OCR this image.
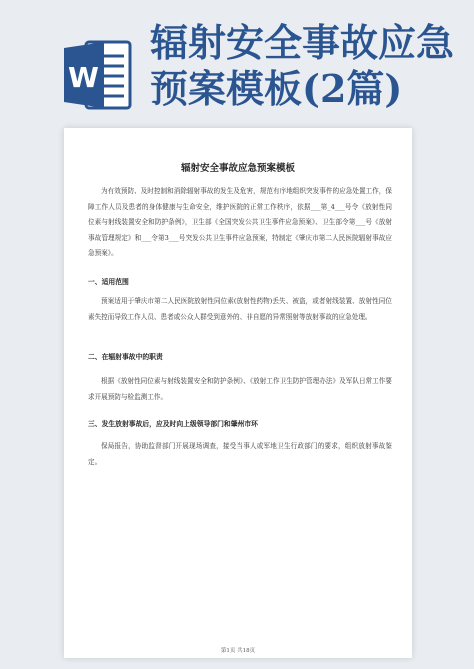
W
辐射安全事故应急
预案模板(2篇)
辐射安全事故应急预案模板

为有效预防、及时控制和消除辐射事故的发生及危害，规范有序地组织突发事件的应急处置工作，保障工作人员及患者的身体健康与生命安全，维护医院的正常工作秩序，依据___第_4___号令《放射性同位素与射线装置安全和防护条例》，卫生部《全国突发公共卫生事件应急预案》、卫生部令第___号《放射事故管理规定》和___令第3___号突发公共卫生事件应急预案，特制定《肇庆市第二人民医院辐射事故应急预案》。

一、适用范围

预案适用于肇庆市第二人民医院放射性同位素(放射性药物)丢失、被盗，或者射线装置、放射性同位素失控而导致工作人员、患者或公众人群受到意外的、非自愿的异常照射等放射事故的应急处理。

二、在辐射事故中的职责

根据《放射性同位素与射线装置安全和防护条例》、《放射工作卫生防护管理办法》及军队日常工作要求开展预防与检监测工作。

三、发生放射事故后，应及时向上级领导部门和肇州市环

保局报告，协助监督部门开展现场调查，接受当事人或军地卫生行政部门的要求，组织放射事故鉴定。

第1页 共18页
